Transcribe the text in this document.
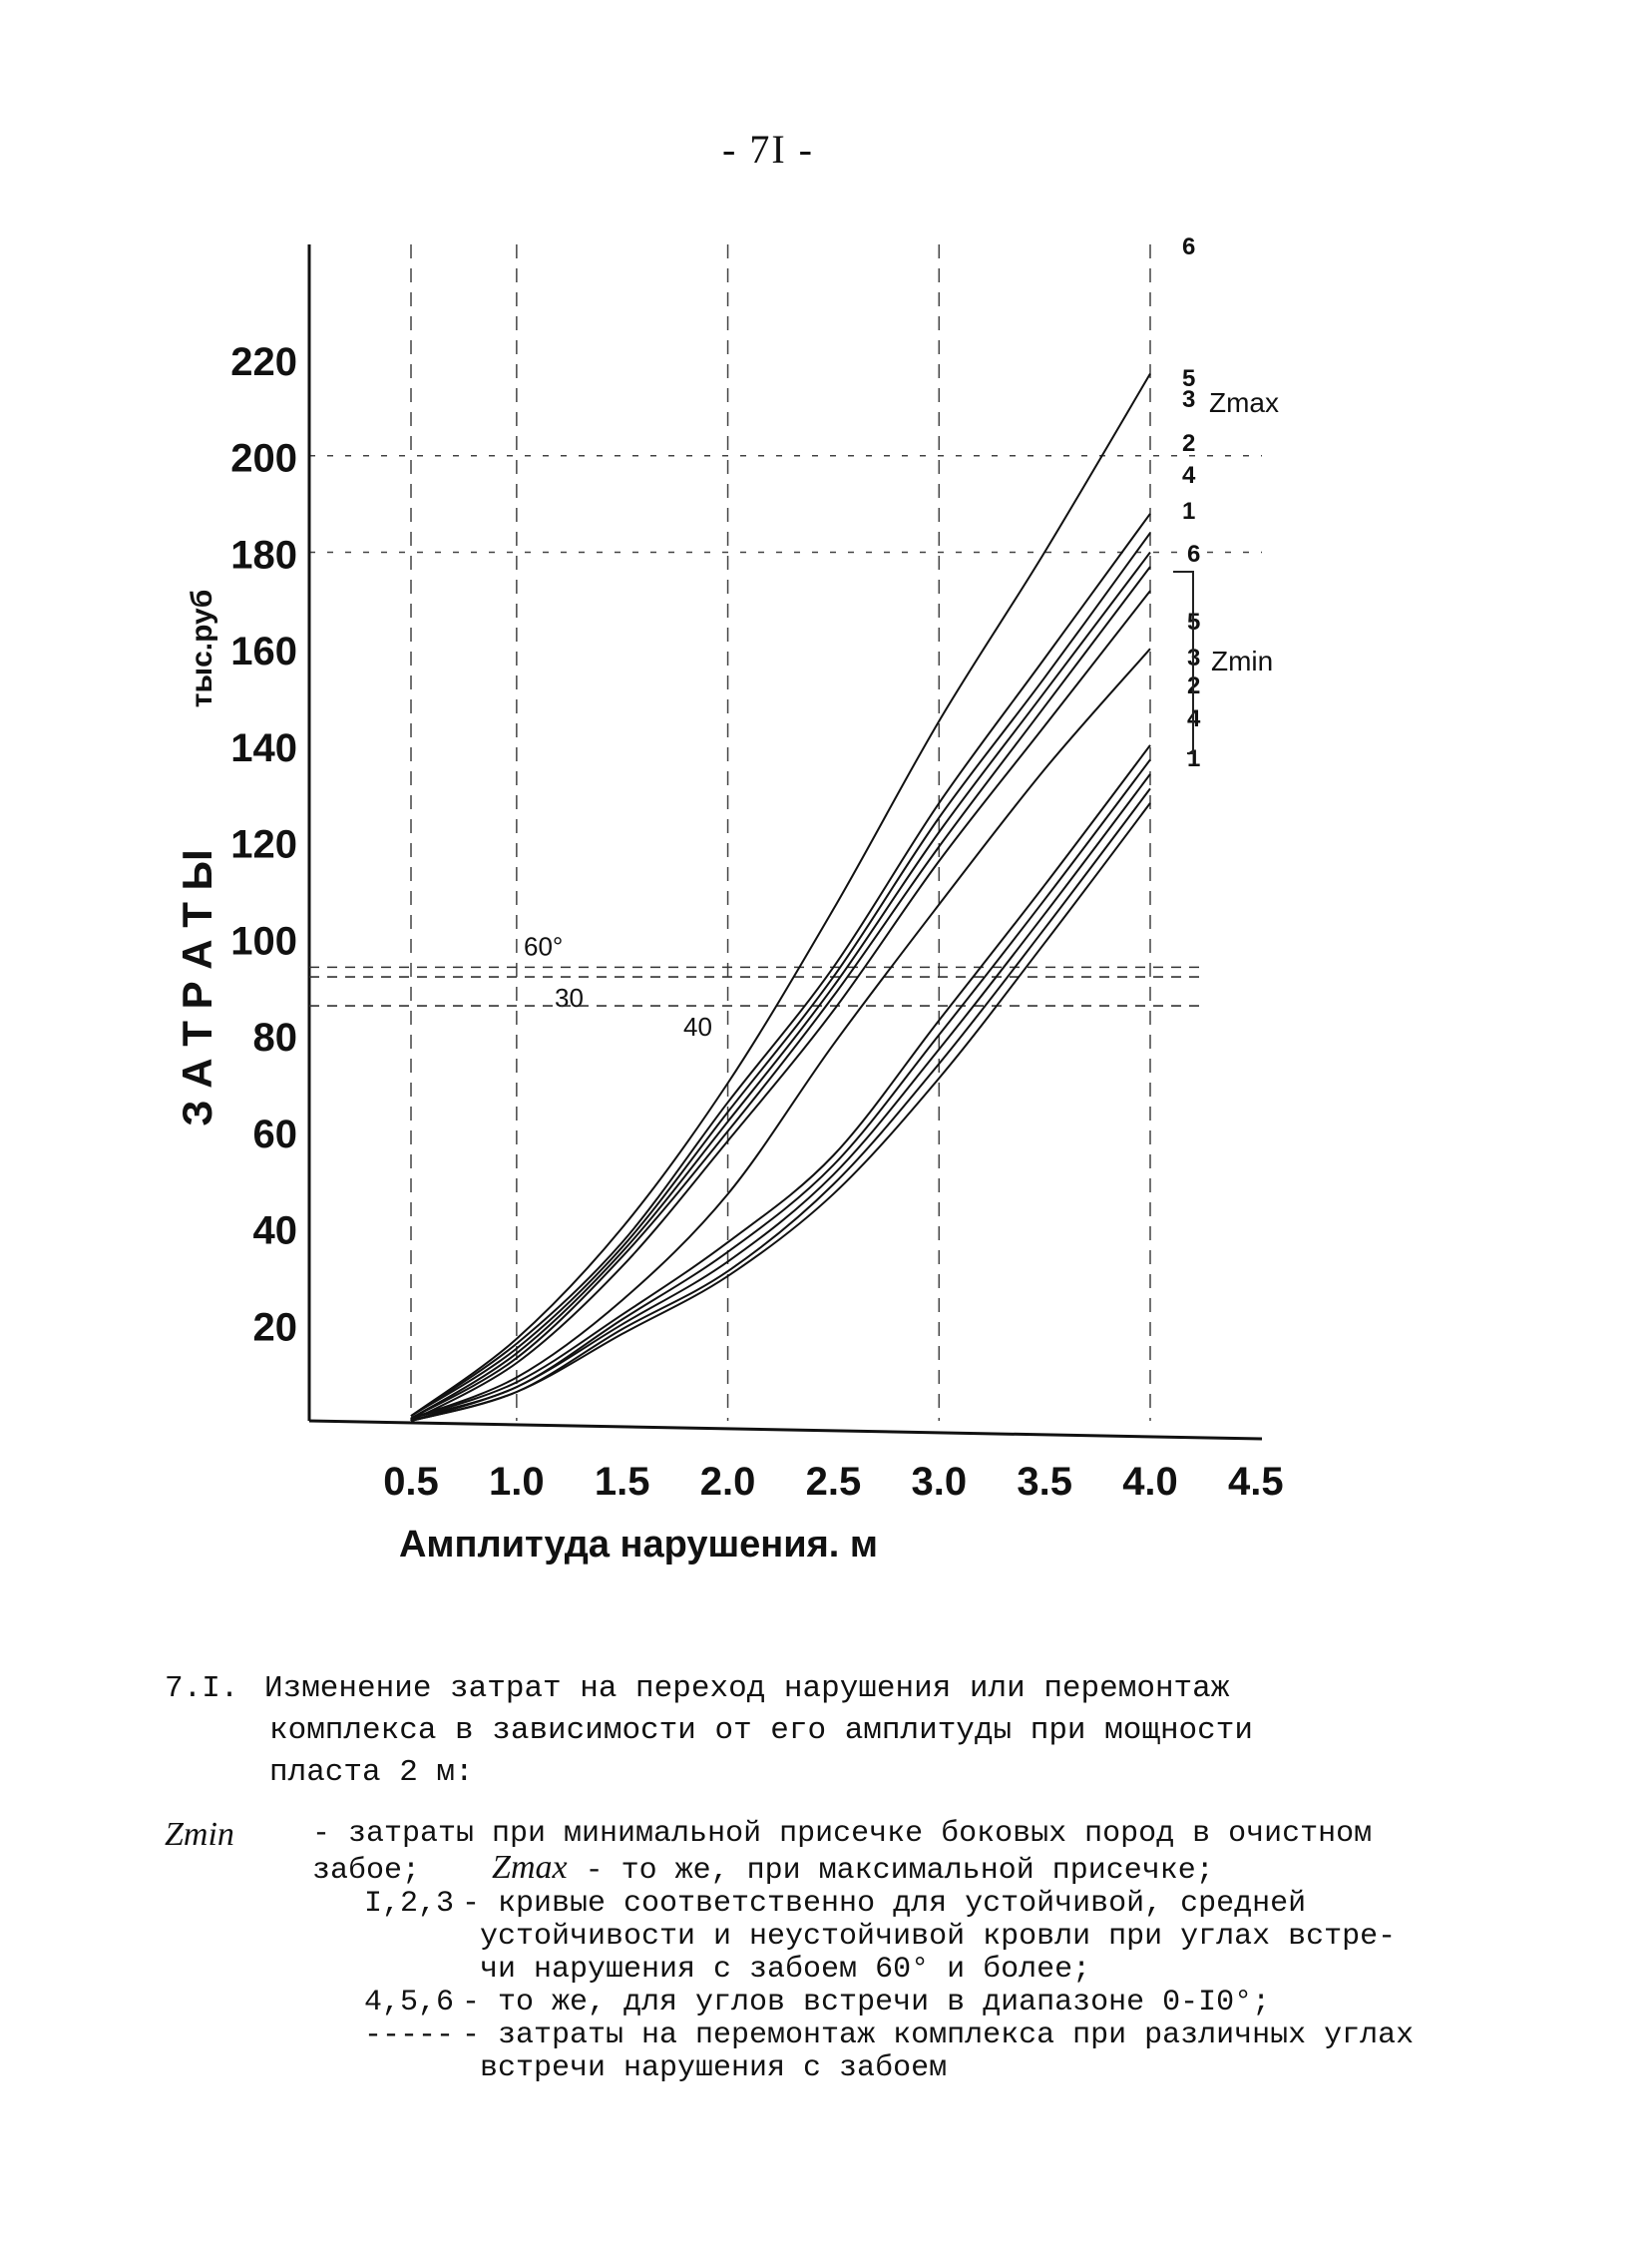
- 7I -
0.5 1.0 1.5 2.0 2.5 3.0 3.5 4.0 4.5
20
40
60
80
100
120
140
160
180
200
220
60°
30
40
6
5
3
2
4
1
6
5
3
2
4
1
Амплитуда нарушения. м
З А Т Р А Т Ы
тыс.руб
Zmax
Zmin
7.I. Изменение затрат на переход нарушения или перемонтаж
комплекса в зависимости от его амплитуды при мощности
пласта 2 м:
Zmin	- затраты при минимальной присечке боковых пород в очистном
забое; Zmax - то же, при максимальной присечке;
I,2,3 - кривые соответственно для устойчивой, средней
устойчивости и неустойчивой кровли при углах встре-
чи нарушения с забоем 60° и более;
4,5,6 - то же, для углов встречи в диапазоне 0-I0°;
----- - затраты на перемонтаж комплекса при различных углах
встречи нарушения с забоем
